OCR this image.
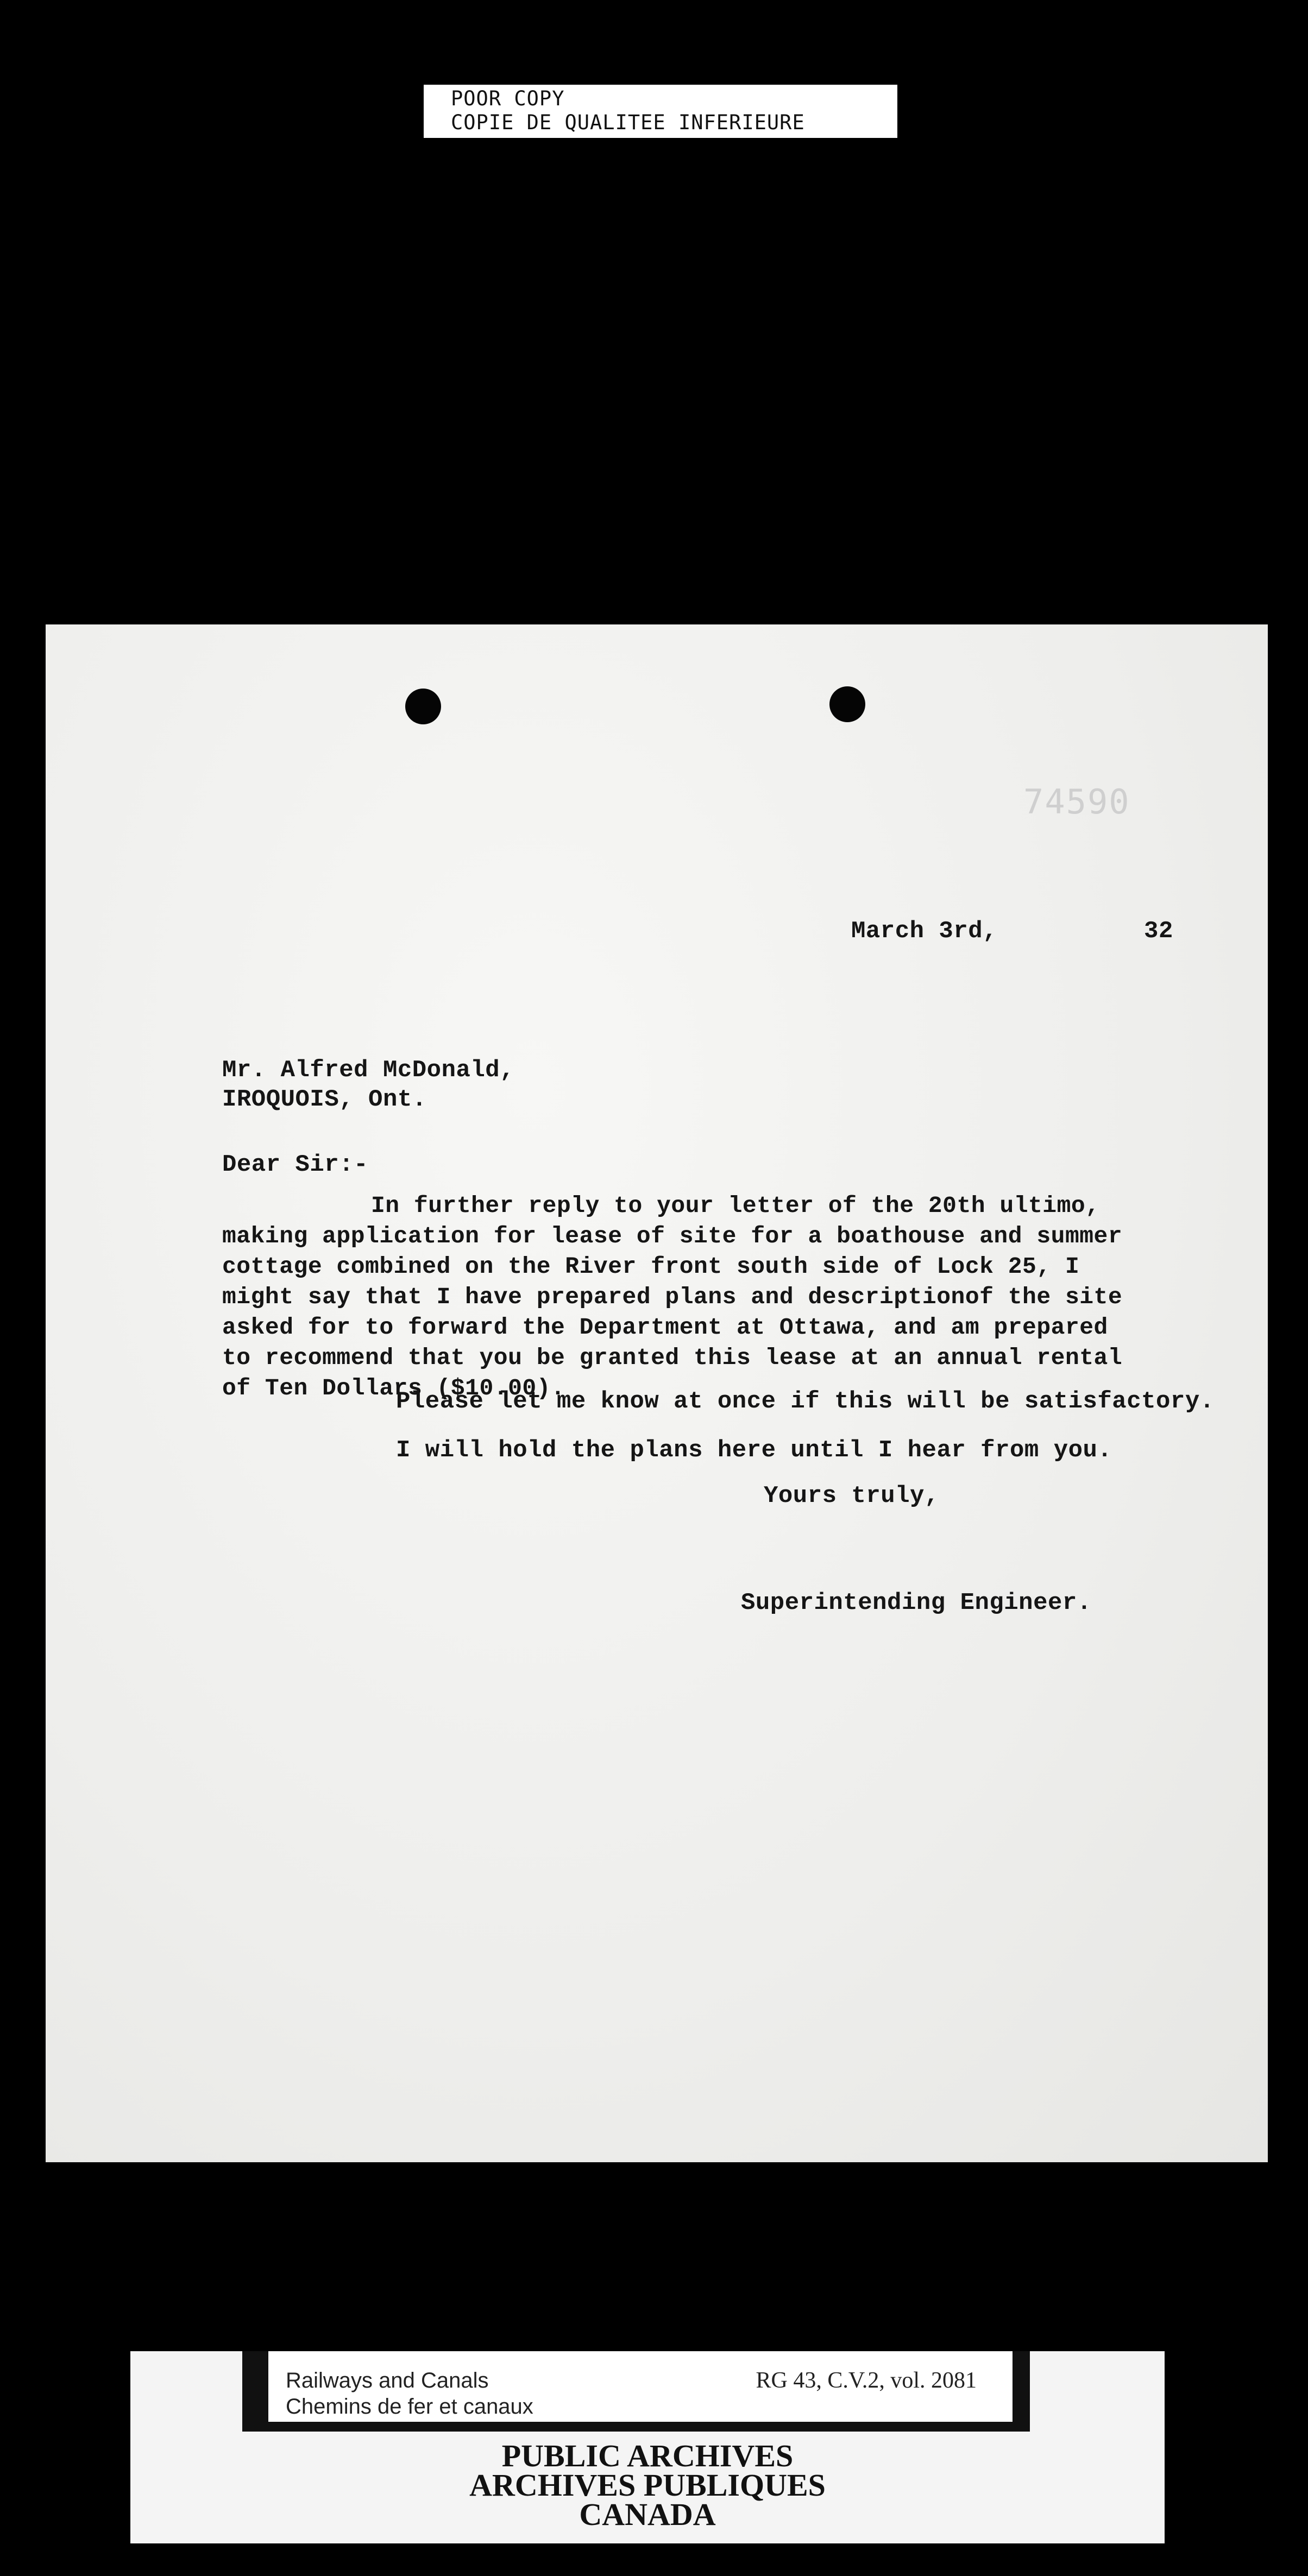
POOR COPY
COPIE DE QUALITEE INFERIEURE
74590
March 3rd,	32
Mr. Alfred McDonald,
IROQUOIS, Ont.
Dear Sir:-
In further reply to your letter of the 20th ultimo,
making application for lease of site for a boathouse and summer
cottage combined on the River front south side of Lock 25, I
might say that I have prepared plans and descriptionof the site
asked for to forward the Department at Ottawa, and am prepared
to recommend that you be granted this lease at an annual rental
of Ten Dollars ($10.00).
Please let me know at once if this will be satisfactory.
I will hold the plans here until I hear from you.
Yours truly,
Superintending Engineer.
Railways and Canals
Chemins de fer et canaux
RG 43, C.V.2, vol. 2081
PUBLIC ARCHIVES
ARCHIVES PUBLIQUES
CANADA
